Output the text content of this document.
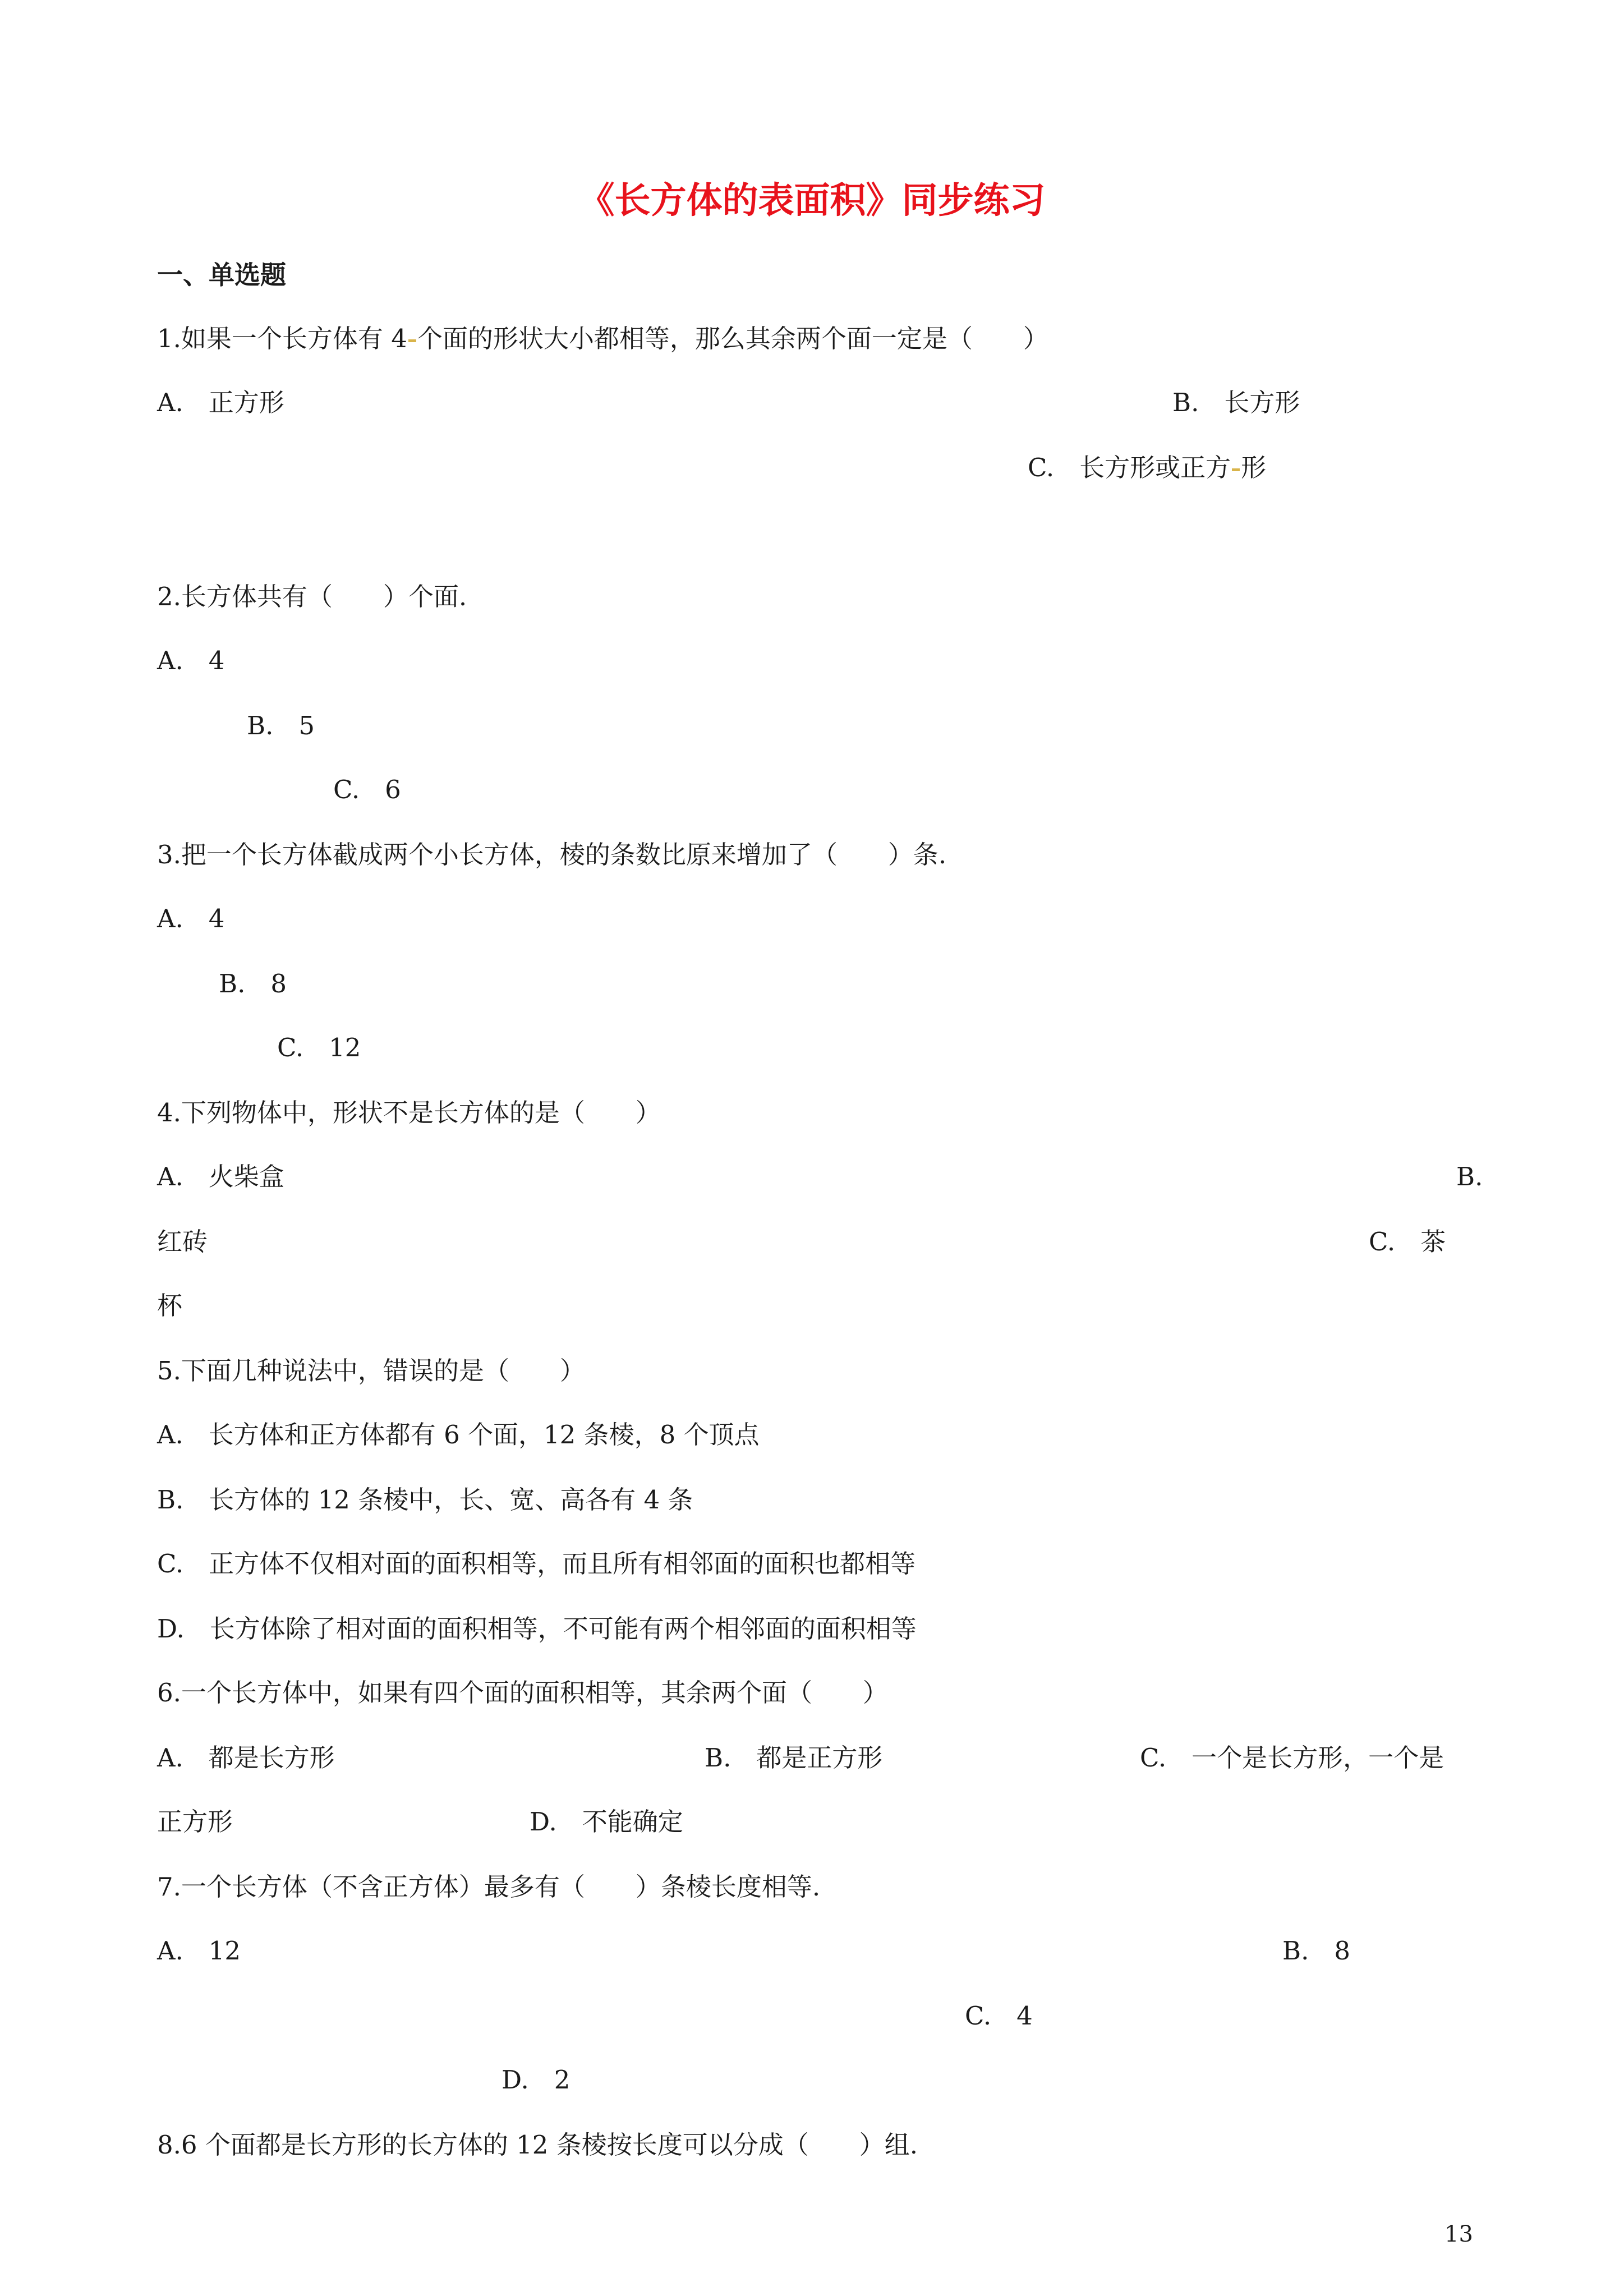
《长方体的表面积》同步练习
一、单选题
1.如果一个长方体有 4 个面的形状大小都相等，那么其余两个面一定是（　　）
A.　正方形	B.　长方形
C.　长方形或正方 形
2.长方体共有（　　）个面.
A.　4
B.　5
C.　6
3.把一个长方体截成两个小长方体，棱的条数比原来增加了（　　）条.
A.　4
B.　8
C.　12
4.下列物体中，形状不是长方体的是（　　）
A.　火柴盒	B.
红砖	C.　茶
杯
5.下面几种说法中，错误的是（　　）
A.　长方体和正方体都有 6 个面，12 条棱，8 个顶点
B.　长方体的 12 条棱中，长、宽、高各有 4 条
C.　正方体不仅相对面的面积相等，而且所有相邻面的面积也都相等
D.　长方体除了相对面的面积相等，不可能有两个相邻面的面积相等
6.一个长方体中，如果有四个面的面积相等，其余两个面（　　）
A.　都是长方形	B.　都是正方形	C.　一个是长方形，一个是
正方形	D.　不能确定
7.一个长方体（不含正方体）最多有（　　）条棱长度相等.
A.　12	B.　8
C.　4
D.　2
8.6 个面都是长方形的长方体的 12 条棱按长度可以分成（　　）组.
13
